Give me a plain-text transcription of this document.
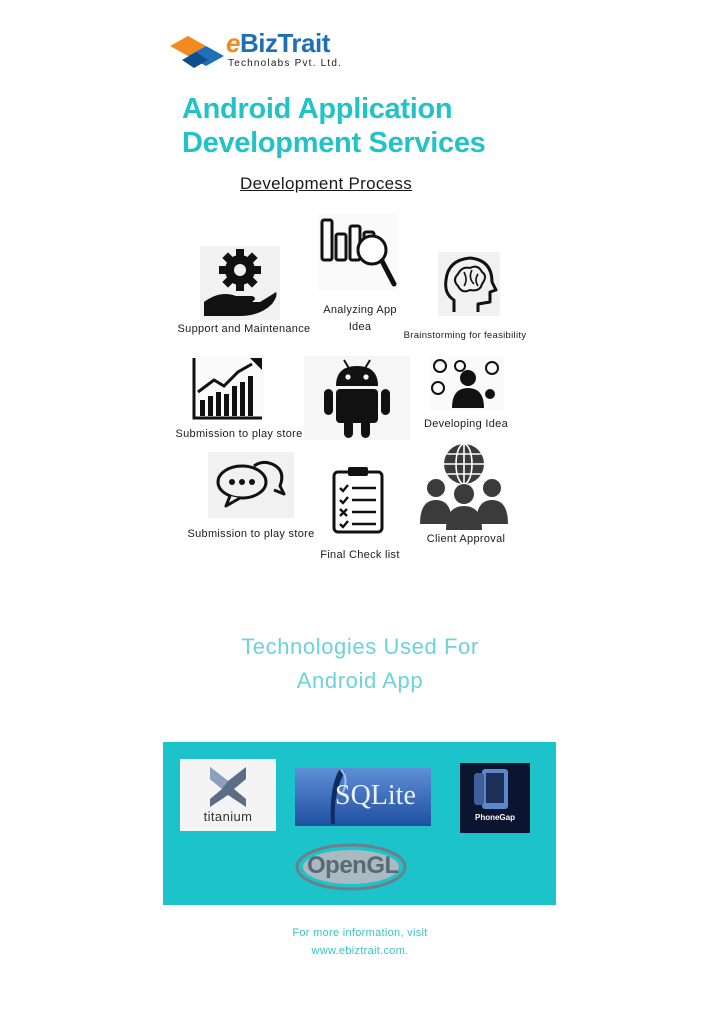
eBizTrait
Technolabs Pvt. Ltd.
Android Application
Development Services
Development Process
Analyzing App
Idea
Support and Maintenance
Brainstorming for feasibility
Submission to play store
Developing Idea
Submission to play store
Final Check list
Client Approval
Technologies Used For
Android App
titanium
SQLite
PhoneGap
OpenGL
For more information, visit
www.ebiztrait.com.
